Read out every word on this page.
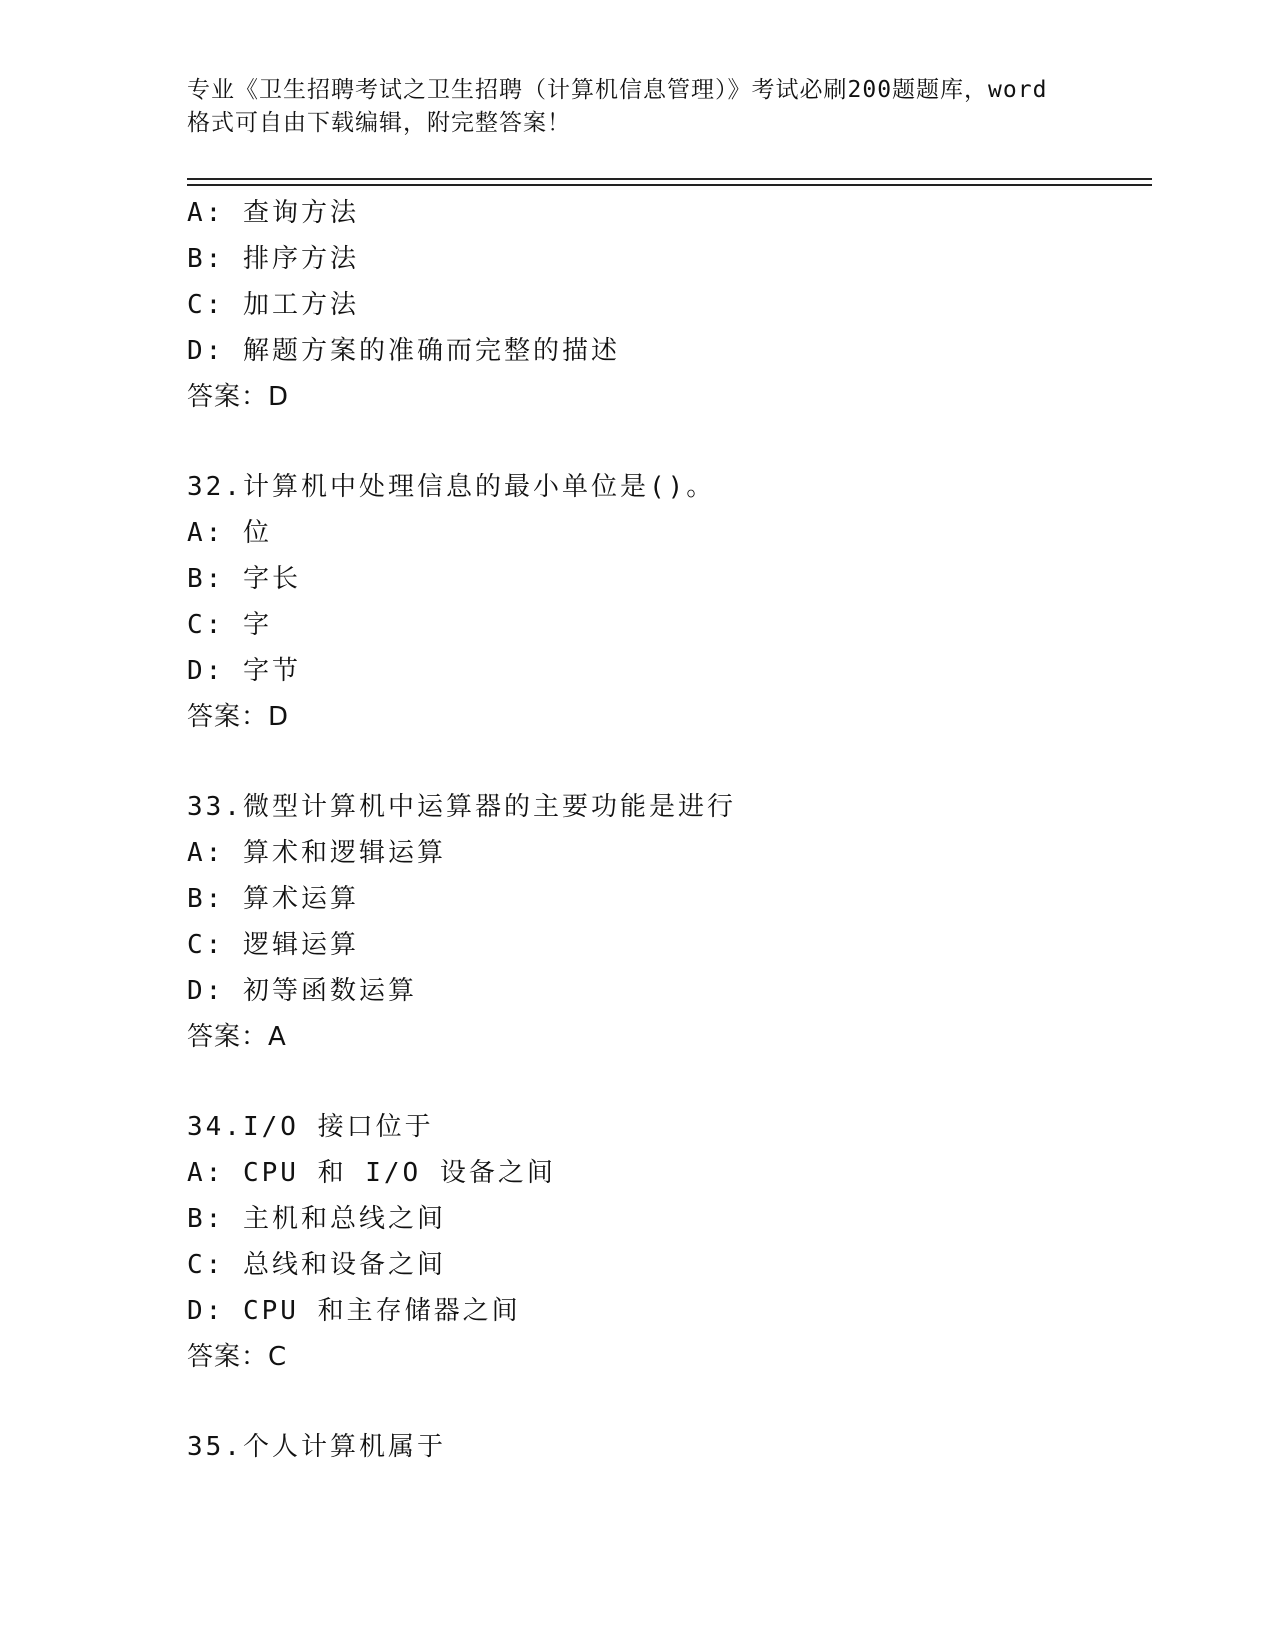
专业《卫生招聘考试之卫生招聘（计算机信息管理）》考试必刷200题题库，word
格式可自由下载编辑，附完整答案！
A: 查询方法
B: 排序方法
C: 加工方法
D: 解题方案的准确而完整的描述
答案：D
32.计算机中处理信息的最小单位是()。
A: 位
B: 字长
C: 字
D: 字节
答案：D
33.微型计算机中运算器的主要功能是进行
A: 算术和逻辑运算
B: 算术运算
C: 逻辑运算
D: 初等函数运算
答案：A
34.I/O 接口位于
A: CPU 和 I/O 设备之间
B: 主机和总线之间
C: 总线和设备之间
D: CPU 和主存储器之间
答案：C
35.个人计算机属于
